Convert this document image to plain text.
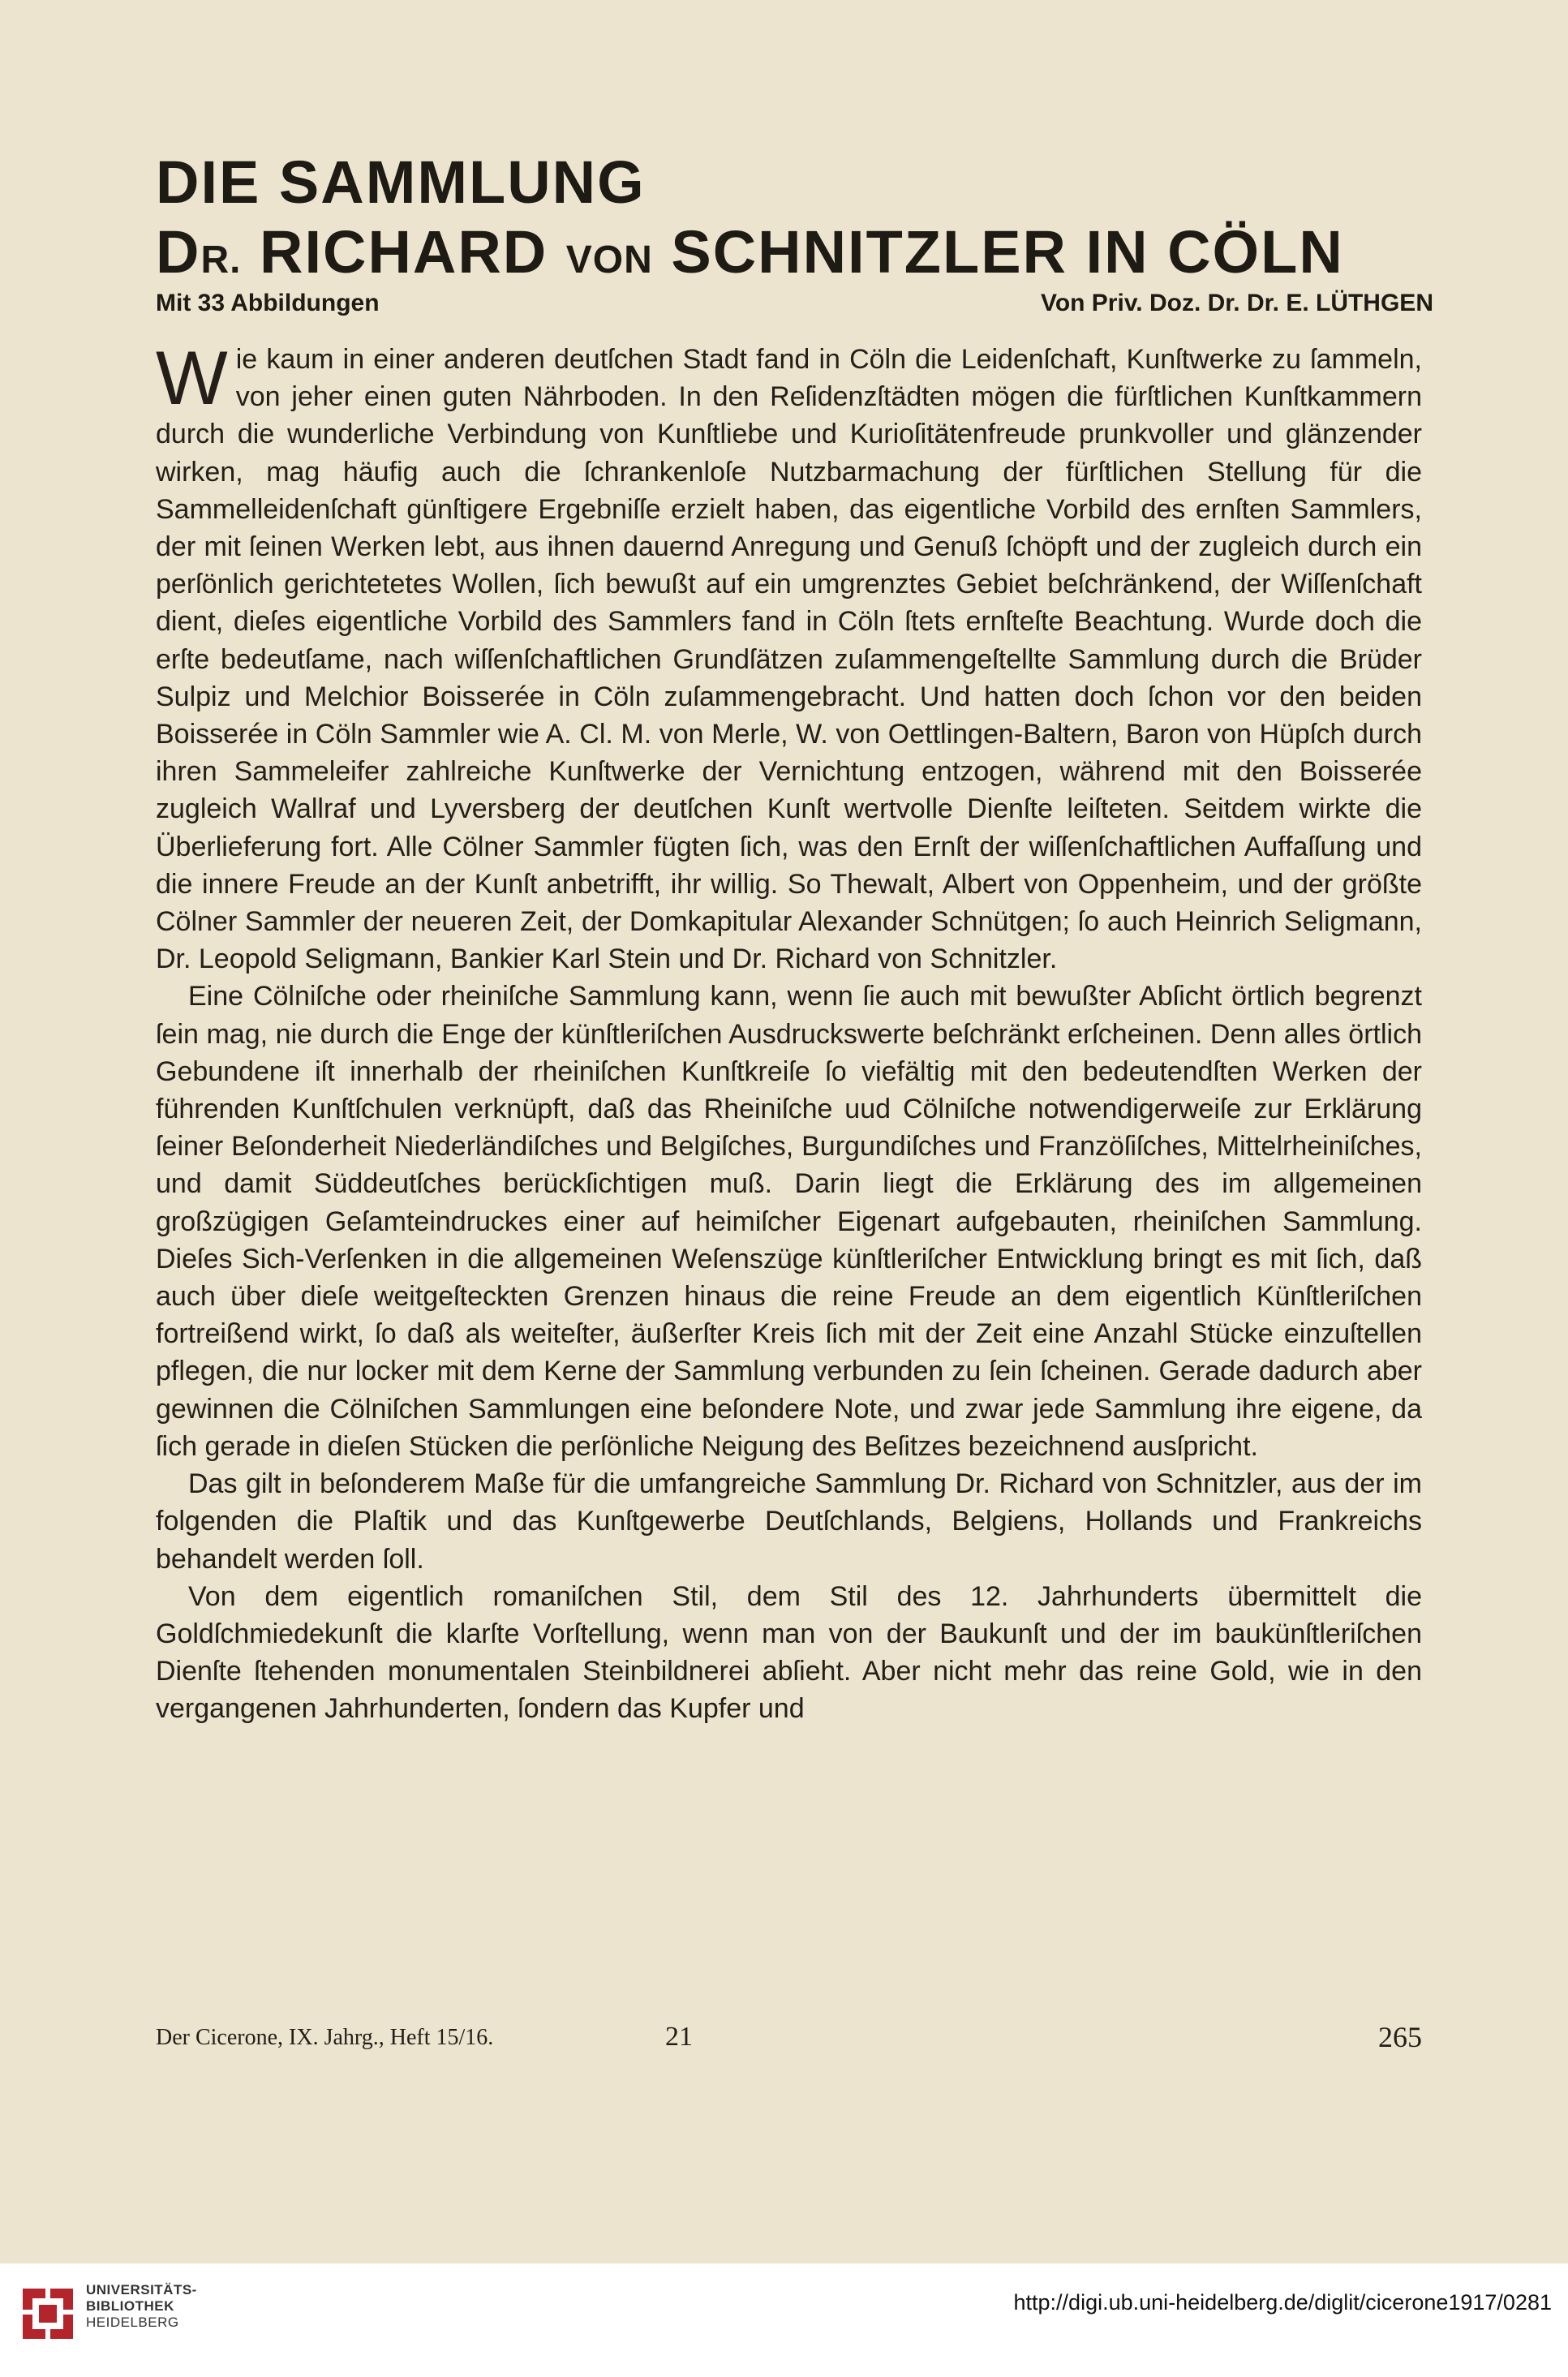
DIE SAMMLUNG
DR. RICHARD VON SCHNITZLER IN CÖLN
Mit 33 Abbildungen	Von Priv. Doz. Dr. Dr. E. LÜTHGEN

Wie kaum in einer anderen deutſchen Stadt fand in Cöln die Leidenſchaft, Kunſtwerke zu ſammeln, von jeher einen guten Nährboden. In den Reſidenzſtädten mögen die fürſtlichen Kunſtkammern durch die wunderliche Verbindung von Kunſtliebe und Kurioſitätenfreude prunkvoller und glänzender wirken, mag häufig auch die ſchrankenloſe Nutzbarmachung der fürſtlichen Stellung für die Sammelleidenſchaft günſtigere Ergebniſſe erzielt haben, das eigentliche Vorbild des ernſten Sammlers, der mit ſeinen Werken lebt, aus ihnen dauernd Anregung und Genuß ſchöpft und der zugleich durch ein perſönlich gerichtetetes Wollen, ſich bewußt auf ein umgrenztes Gebiet beſchränkend, der Wiſſenſchaft dient, dieſes eigentliche Vorbild des Sammlers fand in Cöln ſtets ernſteſte Beachtung. Wurde doch die erſte bedeutſame, nach wiſſenſchaftlichen Grundſätzen zuſammengeſtellte Sammlung durch die Brüder Sulpiz und Melchior Boisserée in Cöln zuſammengebracht. Und hatten doch ſchon vor den beiden Boisserée in Cöln Sammler wie A. Cl. M. von Merle, W. von Oettlingen-Baltern, Baron von Hüpſch durch ihren Sammeleifer zahlreiche Kunſtwerke der Vernichtung entzogen, während mit den Boisserée zugleich Wallraf und Lyversberg der deutſchen Kunſt wertvolle Dienſte leiſteten. Seitdem wirkte die Überlieferung fort. Alle Cölner Sammler fügten ſich, was den Ernſt der wiſſenſchaftlichen Auffaſſung und die innere Freude an der Kunſt anbetrifft, ihr willig. So Thewalt, Albert von Oppenheim, und der größte Cölner Sammler der neueren Zeit, der Domkapitular Alexander Schnütgen; ſo auch Heinrich Seligmann, Dr. Leopold Seligmann, Bankier Karl Stein und Dr. Richard von Schnitzler.

Eine Cölniſche oder rheiniſche Sammlung kann, wenn ſie auch mit bewußter Abſicht örtlich begrenzt ſein mag, nie durch die Enge der künſtleriſchen Ausdruckswerte beſchränkt erſcheinen. Denn alles örtlich Gebundene iſt innerhalb der rheiniſchen Kunſtkreiſe ſo viefältig mit den bedeutendſten Werken der führenden Kunſtſchulen verknüpft, daß das Rheiniſche uud Cölniſche notwendigerweiſe zur Erklärung ſeiner Beſonderheit Niederländiſches und Belgiſches, Burgundiſches und Franzöſiſches, Mittelrheiniſches, und damit Süddeutſches berückſichtigen muß. Darin liegt die Erklärung des im allgemeinen großzügigen Geſamteindruckes einer auf heimiſcher Eigenart aufgebauten, rheiniſchen Sammlung. Dieſes Sich-Verſenken in die allgemeinen Weſenszüge künſtleriſcher Entwicklung bringt es mit ſich, daß auch über dieſe weitgeſteckten Grenzen hinaus die reine Freude an dem eigentlich Künſtleriſchen fortreißend wirkt, ſo daß als weiteſter, äußerſter Kreis ſich mit der Zeit eine Anzahl Stücke einzuſtellen pflegen, die nur locker mit dem Kerne der Sammlung verbunden zu ſein ſcheinen. Gerade dadurch aber gewinnen die Cölniſchen Sammlungen eine beſondere Note, und zwar jede Sammlung ihre eigene, da ſich gerade in dieſen Stücken die perſönliche Neigung des Beſitzes bezeichnend ausſpricht.

Das gilt in beſonderem Maße für die umfangreiche Sammlung Dr. Richard von Schnitzler, aus der im folgenden die Plaſtik und das Kunſtgewerbe Deutſchlands, Belgiens, Hollands und Frankreichs behandelt werden ſoll.

Von dem eigentlich romaniſchen Stil, dem Stil des 12. Jahrhunderts übermittelt die Goldſchmiedekunſt die klarſte Vorſtellung, wenn man von der Baukunſt und der im baukünſtleriſchen Dienſte ſtehenden monumentalen Steinbildnerei abſieht. Aber nicht mehr das reine Gold, wie in den vergangenen Jahrhunderten, ſondern das Kupfer und

Der Cicerone, IX. Jahrg., Heft 15/16.	21	265
UNIVERSITÄTS-
BIBLIOTHEK
HEIDELBERG
http://digi.ub.uni-heidelberg.de/diglit/cicerone1917/0281
